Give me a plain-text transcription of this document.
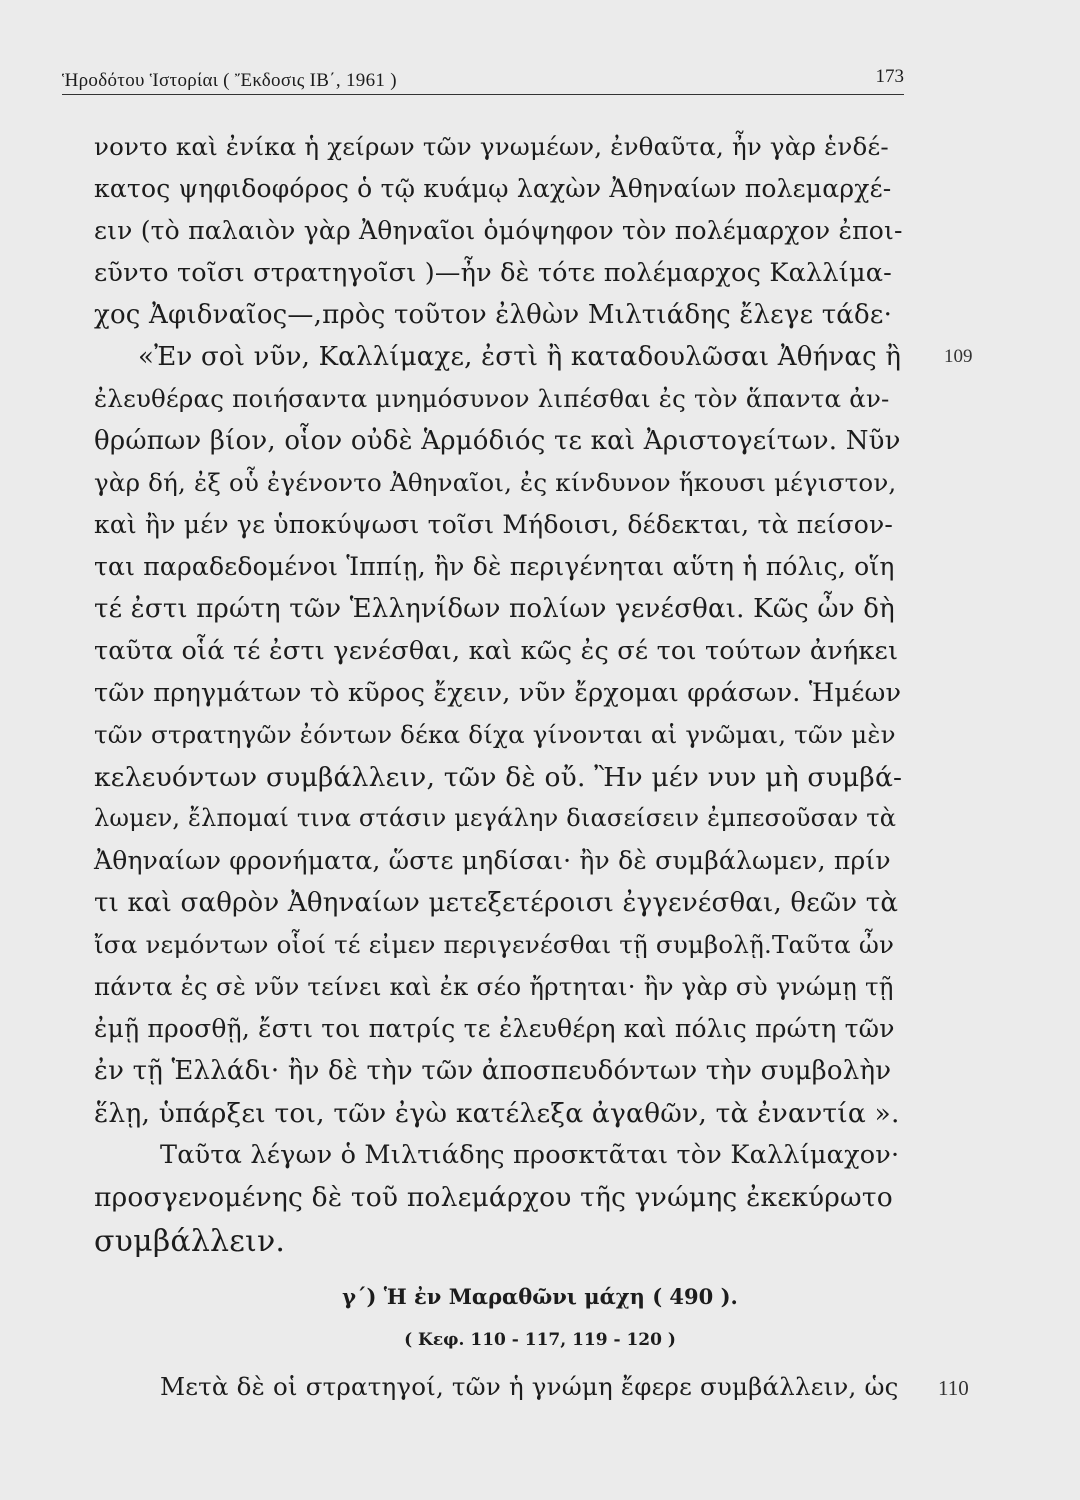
Ἡροδότου Ἱστορίαι ( Ἔκδοσις ΙΒ΄, 1961 )	173
νοντο καὶ ἐνίκα ἡ χείρων τῶν γνωμέων, ἐνθαῦτα, ἦν γὰρ ἑνδέ-
κατος ψηφιδοφόρος ὁ τῷ κυάμῳ λαχὼν Ἀθηναίων πολεμαρχέ-
ειν (τὸ παλαιὸν γὰρ Ἀθηναῖοι ὁμόψηφον τὸν πολέμαρχον ἐποι-
εῦντο τοῖσι στρατηγοῖσι )—ἦν δὲ τότε πολέμαρχος Καλλίμα-
χος Ἀφιδναῖος—,πρὸς τοῦτον ἐλθὼν Μιλτιάδης ἔλεγε τάδε·
«Ἐν σοὶ νῦν, Καλλίμαχε, ἐστὶ ἢ καταδουλῶσαι Ἀθήνας ἢ
ἐλευθέρας ποιήσαντα μνημόσυνον λιπέσθαι ἐς τὸν ἅπαντα ἀν-
θρώπων βίον, οἷον οὐδὲ Ἁρμόδιός τε καὶ Ἀριστογείτων. Νῦν
γὰρ δή, ἐξ οὗ ἐγένοντο Ἀθηναῖοι, ἐς κίνδυνον ἥκουσι μέγιστον,
καὶ ἢν μέν γε ὑποκύψωσι τοῖσι Μήδοισι, δέδεκται, τὰ πείσον-
ται παραδεδομένοι Ἱππίῃ, ἢν δὲ περιγένηται αὕτη ἡ πόλις, οἵη
τέ ἐστι πρώτη τῶν Ἑλληνίδων πολίων γενέσθαι. Κῶς ὦν δὴ
ταῦτα οἷά τέ ἐστι γενέσθαι, καὶ κῶς ἐς σέ τοι τούτων ἀνήκει
τῶν πρηγμάτων τὸ κῦρος ἔχειν, νῦν ἔρχομαι φράσων. Ἡμέων
τῶν στρατηγῶν ἐόντων δέκα δίχα γίνονται αἱ γνῶμαι, τῶν μὲν
κελευόντων συμβάλλειν, τῶν δὲ οὔ. Ἢν μέν νυν μὴ συμβά-
λωμεν, ἔλπομαί τινα στάσιν μεγάλην διασείσειν ἐμπεσοῦσαν τὰ
Ἀθηναίων φρονήματα, ὥστε μηδίσαι· ἢν δὲ συμβάλωμεν, πρίν
τι καὶ σαθρὸν Ἀθηναίων μετεξετέροισι ἐγγενέσθαι, θεῶν τὰ
ἴσα νεμόντων οἷοί τέ εἰμεν περιγενέσθαι τῇ συμβολῇ.Ταῦτα ὦν
πάντα ἐς σὲ νῦν τείνει καὶ ἐκ σέο ἤρτηται· ἢν γὰρ σὺ γνώμῃ τῇ
ἐμῇ προσθῇ, ἔστι τοι πατρίς τε ἐλευθέρη καὶ πόλις πρώτη τῶν
ἐν τῇ Ἑλλάδι· ἢν δὲ τὴν τῶν ἀποσπευδόντων τὴν συμβολὴν
ἕλῃ, ὑπάρξει τοι, τῶν ἐγὼ κατέλεξα ἀγαθῶν, τὰ ἐναντία ».
Ταῦτα λέγων ὁ Μιλτιάδης προσκτᾶται τὸν Καλλίμαχον·
προσγενομένης δὲ τοῦ πολεμάρχου τῆς γνώμης ἐκεκύρωτο
συμβάλλειν.
109
γ΄) Ἡ ἐν Μαραθῶνι μάχη ( 490 ).
( Κεφ. 110 - 117, 119 - 120 )
Μετὰ δὲ οἱ στρατηγοί, τῶν ἡ γνώμη ἔφερε συμβάλλειν, ὡς 110
